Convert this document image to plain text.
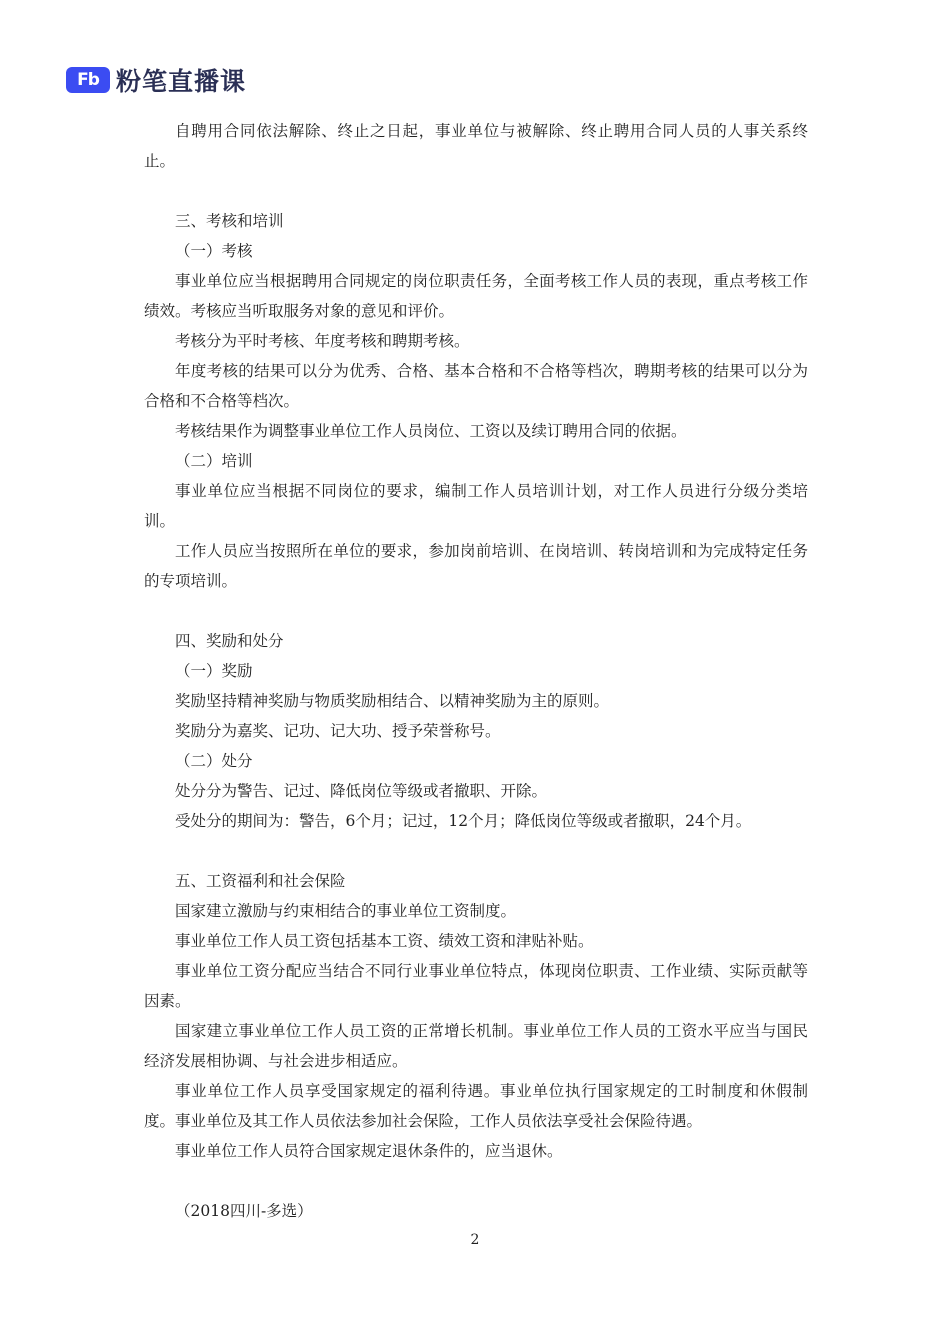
Fb 粉笔直播课

自聘用合同依法解除、终止之日起，事业单位与被解除、终止聘用合同人员的人事关系终止。

三、考核和培训

（一）考核

事业单位应当根据聘用合同规定的岗位职责任务，全面考核工作人员的表现，重点考核工作绩效。考核应当听取服务对象的意见和评价。

考核分为平时考核、年度考核和聘期考核。

年度考核的结果可以分为优秀、合格、基本合格和不合格等档次，聘期考核的结果可以分为合格和不合格等档次。

考核结果作为调整事业单位工作人员岗位、工资以及续订聘用合同的依据。

（二）培训

事业单位应当根据不同岗位的要求，编制工作人员培训计划，对工作人员进行分级分类培训。

工作人员应当按照所在单位的要求，参加岗前培训、在岗培训、转岗培训和为完成特定任务的专项培训。

四、奖励和处分

（一）奖励

奖励坚持精神奖励与物质奖励相结合、以精神奖励为主的原则。

奖励分为嘉奖、记功、记大功、授予荣誉称号。

（二）处分

处分分为警告、记过、降低岗位等级或者撤职、开除。

受处分的期间为：警告，6个月；记过，12个月；降低岗位等级或者撤职，24个月。

五、工资福利和社会保险

国家建立激励与约束相结合的事业单位工资制度。

事业单位工作人员工资包括基本工资、绩效工资和津贴补贴。

事业单位工资分配应当结合不同行业事业单位特点，体现岗位职责、工作业绩、实际贡献等因素。

国家建立事业单位工作人员工资的正常增长机制。事业单位工作人员的工资水平应当与国民经济发展相协调、与社会进步相适应。

事业单位工作人员享受国家规定的福利待遇。事业单位执行国家规定的工时制度和休假制度。事业单位及其工作人员依法参加社会保险，工作人员依法享受社会保险待遇。

事业单位工作人员符合国家规定退休条件的，应当退休。

（2018四川-多选）

2
